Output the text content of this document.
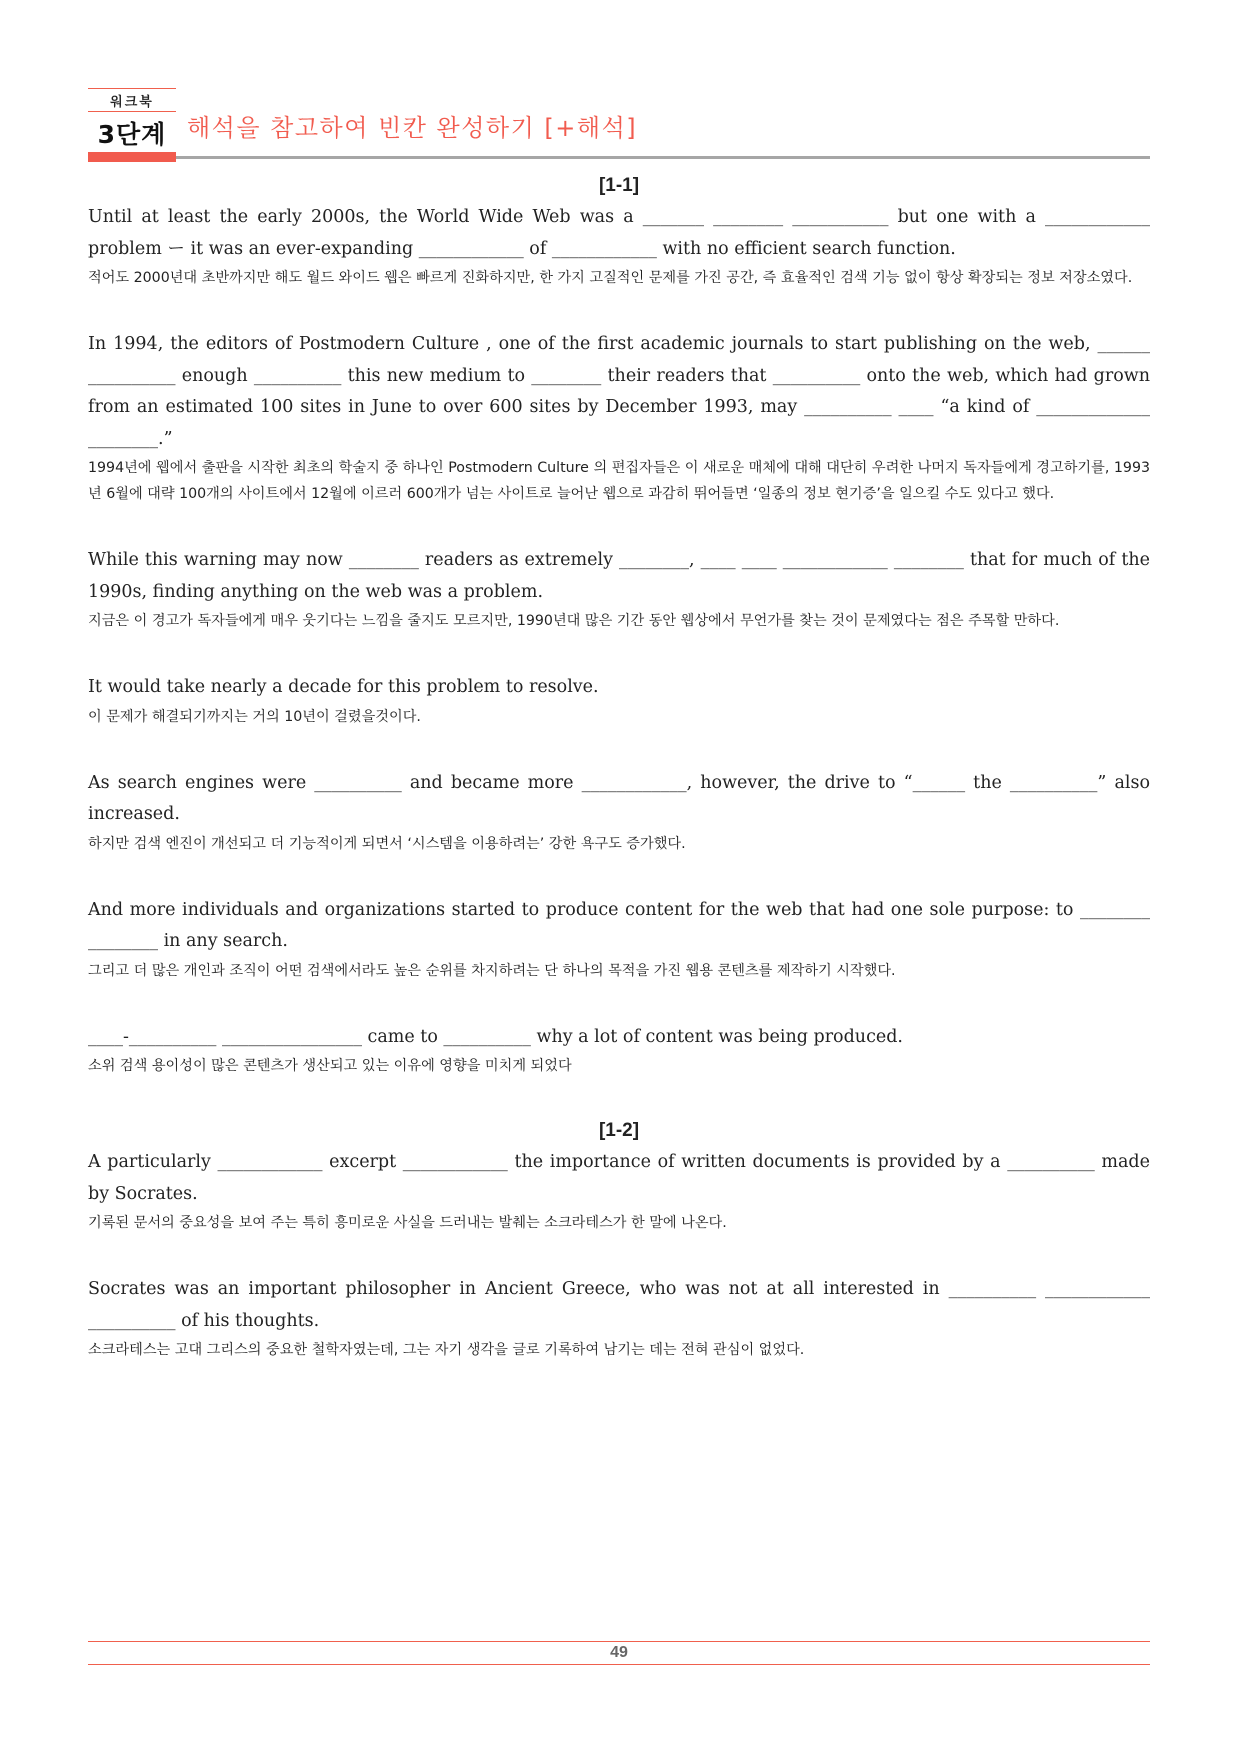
워크북
3단계 해석을 참고하여 빈칸 완성하기 [+해석]
[1-1]

Until at least the early 2000s, the World Wide Web was a _______ ________ ___________ but one with a ____________ problem ー it was an ever-expanding ____________ of ____________ with no efficient search function.

적어도 2000년대 초반까지만 해도 월드 와이드 웹은 빠르게 진화하지만, 한 가지 고질적인 문제를 가진 공간, 즉 효율적인 검색 기능 없이 항상 확장되는 정보 저장소였다.

In 1994, the editors of Postmodern Culture , one of the first academic journals to start publishing on the web, ______ __________ enough __________ this new medium to ________ their readers that __________ onto the web, which had grown from an estimated 100 sites in June to over 600 sites by December 1993, may __________ ____ “a kind of _____________ ________.”

1994년에 웹에서 출판을 시작한 최초의 학술지 중 하나인 Postmodern Culture 의 편집자들은 이 새로운 매체에 대해 대단히 우려한 나머지 독자들에게 경고하기를, 1993년 6월에 대략 100개의 사이트에서 12월에 이르러 600개가 넘는 사이트로 늘어난 웹으로 과감히 뛰어들면 ‘일종의 정보 현기증’을 일으킬 수도 있다고 했다.

While this warning may now ________ readers as extremely ________, ____ ____ ____________ ________ that for much of the 1990s, finding anything on the web was a problem.

지금은 이 경고가 독자들에게 매우 웃기다는 느낌을 줄지도 모르지만, 1990년대 많은 기간 동안 웹상에서 무언가를 찾는 것이 문제였다는 점은 주목할 만하다.

It would take nearly a decade for this problem to resolve.

이 문제가 해결되기까지는 거의 10년이 걸렸을것이다.

As search engines were __________ and became more ____________, however, the drive to “______ the __________” also increased.

하지만 검색 엔진이 개선되고 더 기능적이게 되면서 ‘시스템을 이용하려는’ 강한 욕구도 증가했다.

And more individuals and organizations started to produce content for the web that had one sole purpose: to ________ ________ in any search.

그리고 더 많은 개인과 조직이 어떤 검색에서라도 높은 순위를 차지하려는 단 하나의 목적을 가진 웹용 콘텐츠를 제작하기 시작했다.

____-__________ ________________ came to __________ why a lot of content was being produced.

소위 검색 용이성이 많은 콘텐츠가 생산되고 있는 이유에 영향을 미치게 되었다

[1-2]

A particularly ____________ excerpt ____________ the importance of written documents is provided by a __________ made by Socrates.

기록된 문서의 중요성을 보여 주는 특히 흥미로운 사실을 드러내는 발췌는 소크라테스가 한 말에 나온다.

Socrates was an important philosopher in Ancient Greece, who was not at all interested in __________ ____________ __________ of his thoughts.

소크라테스는 고대 그리스의 중요한 철학자였는데, 그는 자기 생각을 글로 기록하여 남기는 데는 전혀 관심이 없었다.

49
